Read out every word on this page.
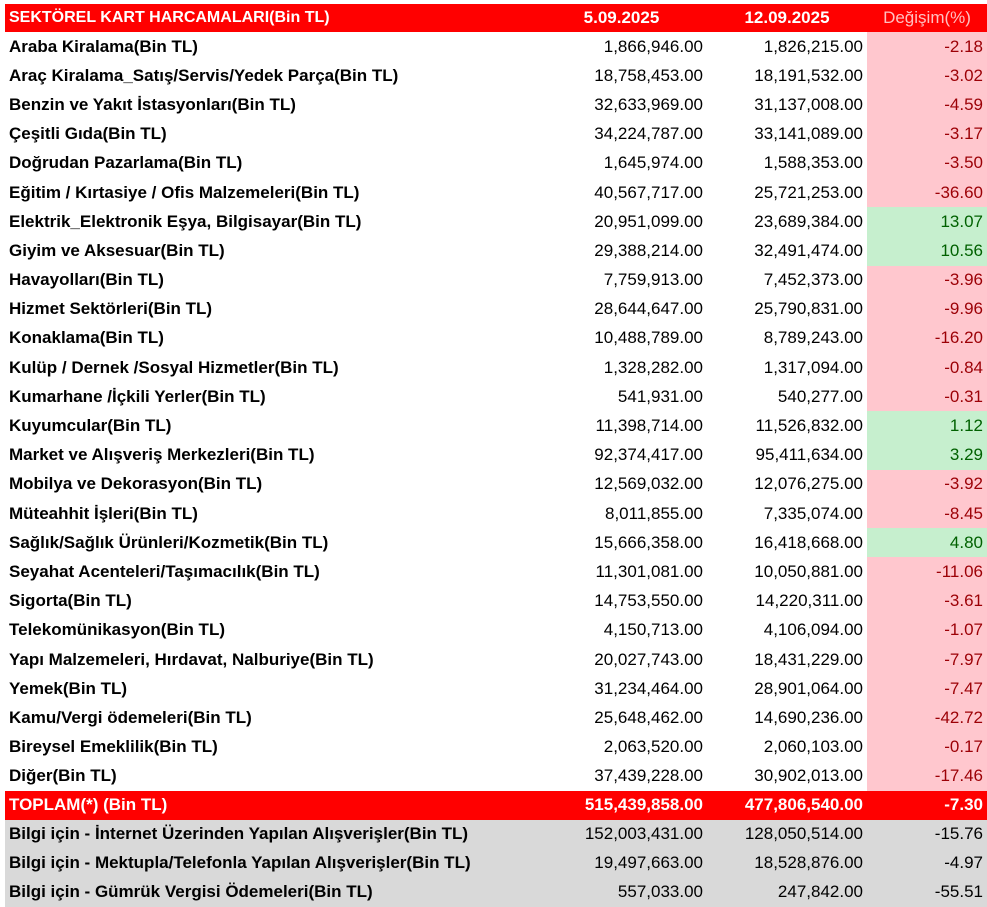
SEKTÖREL KART HARCAMALARI(Bin TL)	5.09.2025	12.09.2025	Değişim(%)
Araba Kiralama(Bin TL)	1,866,946.00	1,826,215.00	-2.18
Araç Kiralama_Satış/Servis/Yedek Parça(Bin TL)	18,758,453.00	18,191,532.00	-3.02
Benzin ve Yakıt İstasyonları(Bin TL)	32,633,969.00	31,137,008.00	-4.59
Çeşitli Gıda(Bin TL)	34,224,787.00	33,141,089.00	-3.17
Doğrudan Pazarlama(Bin TL)	1,645,974.00	1,588,353.00	-3.50
Eğitim / Kırtasiye / Ofis Malzemeleri(Bin TL)	40,567,717.00	25,721,253.00	-36.60
Elektrik_Elektronik Eşya, Bilgisayar(Bin TL)	20,951,099.00	23,689,384.00	13.07
Giyim ve Aksesuar(Bin TL)	29,388,214.00	32,491,474.00	10.56
Havayolları(Bin TL)	7,759,913.00	7,452,373.00	-3.96
Hizmet Sektörleri(Bin TL)	28,644,647.00	25,790,831.00	-9.96
Konaklama(Bin TL)	10,488,789.00	8,789,243.00	-16.20
Kulüp / Dernek /Sosyal Hizmetler(Bin TL)	1,328,282.00	1,317,094.00	-0.84
Kumarhane /İçkili Yerler(Bin TL)	541,931.00	540,277.00	-0.31
Kuyumcular(Bin TL)	11,398,714.00	11,526,832.00	1.12
Market ve Alışveriş Merkezleri(Bin TL)	92,374,417.00	95,411,634.00	3.29
Mobilya ve Dekorasyon(Bin TL)	12,569,032.00	12,076,275.00	-3.92
Müteahhit İşleri(Bin TL)	8,011,855.00	7,335,074.00	-8.45
Sağlık/Sağlık Ürünleri/Kozmetik(Bin TL)	15,666,358.00	16,418,668.00	4.80
Seyahat Acenteleri/Taşımacılık(Bin TL)	11,301,081.00	10,050,881.00	-11.06
Sigorta(Bin TL)	14,753,550.00	14,220,311.00	-3.61
Telekomünikasyon(Bin TL)	4,150,713.00	4,106,094.00	-1.07
Yapı Malzemeleri, Hırdavat, Nalburiye(Bin TL)	20,027,743.00	18,431,229.00	-7.97
Yemek(Bin TL)	31,234,464.00	28,901,064.00	-7.47
Kamu/Vergi ödemeleri(Bin TL)	25,648,462.00	14,690,236.00	-42.72
Bireysel Emeklilik(Bin TL)	2,063,520.00	2,060,103.00	-0.17
Diğer(Bin TL)	37,439,228.00	30,902,013.00	-17.46
TOPLAM(*) (Bin TL)	515,439,858.00	477,806,540.00	-7.30
Bilgi için - İnternet Üzerinden Yapılan Alışverişler(Bin TL)	152,003,431.00	128,050,514.00	-15.76
Bilgi için - Mektupla/Telefonla Yapılan Alışverişler(Bin TL)	19,497,663.00	18,528,876.00	-4.97
Bilgi için - Gümrük Vergisi Ödemeleri(Bin TL)	557,033.00	247,842.00	-55.51
